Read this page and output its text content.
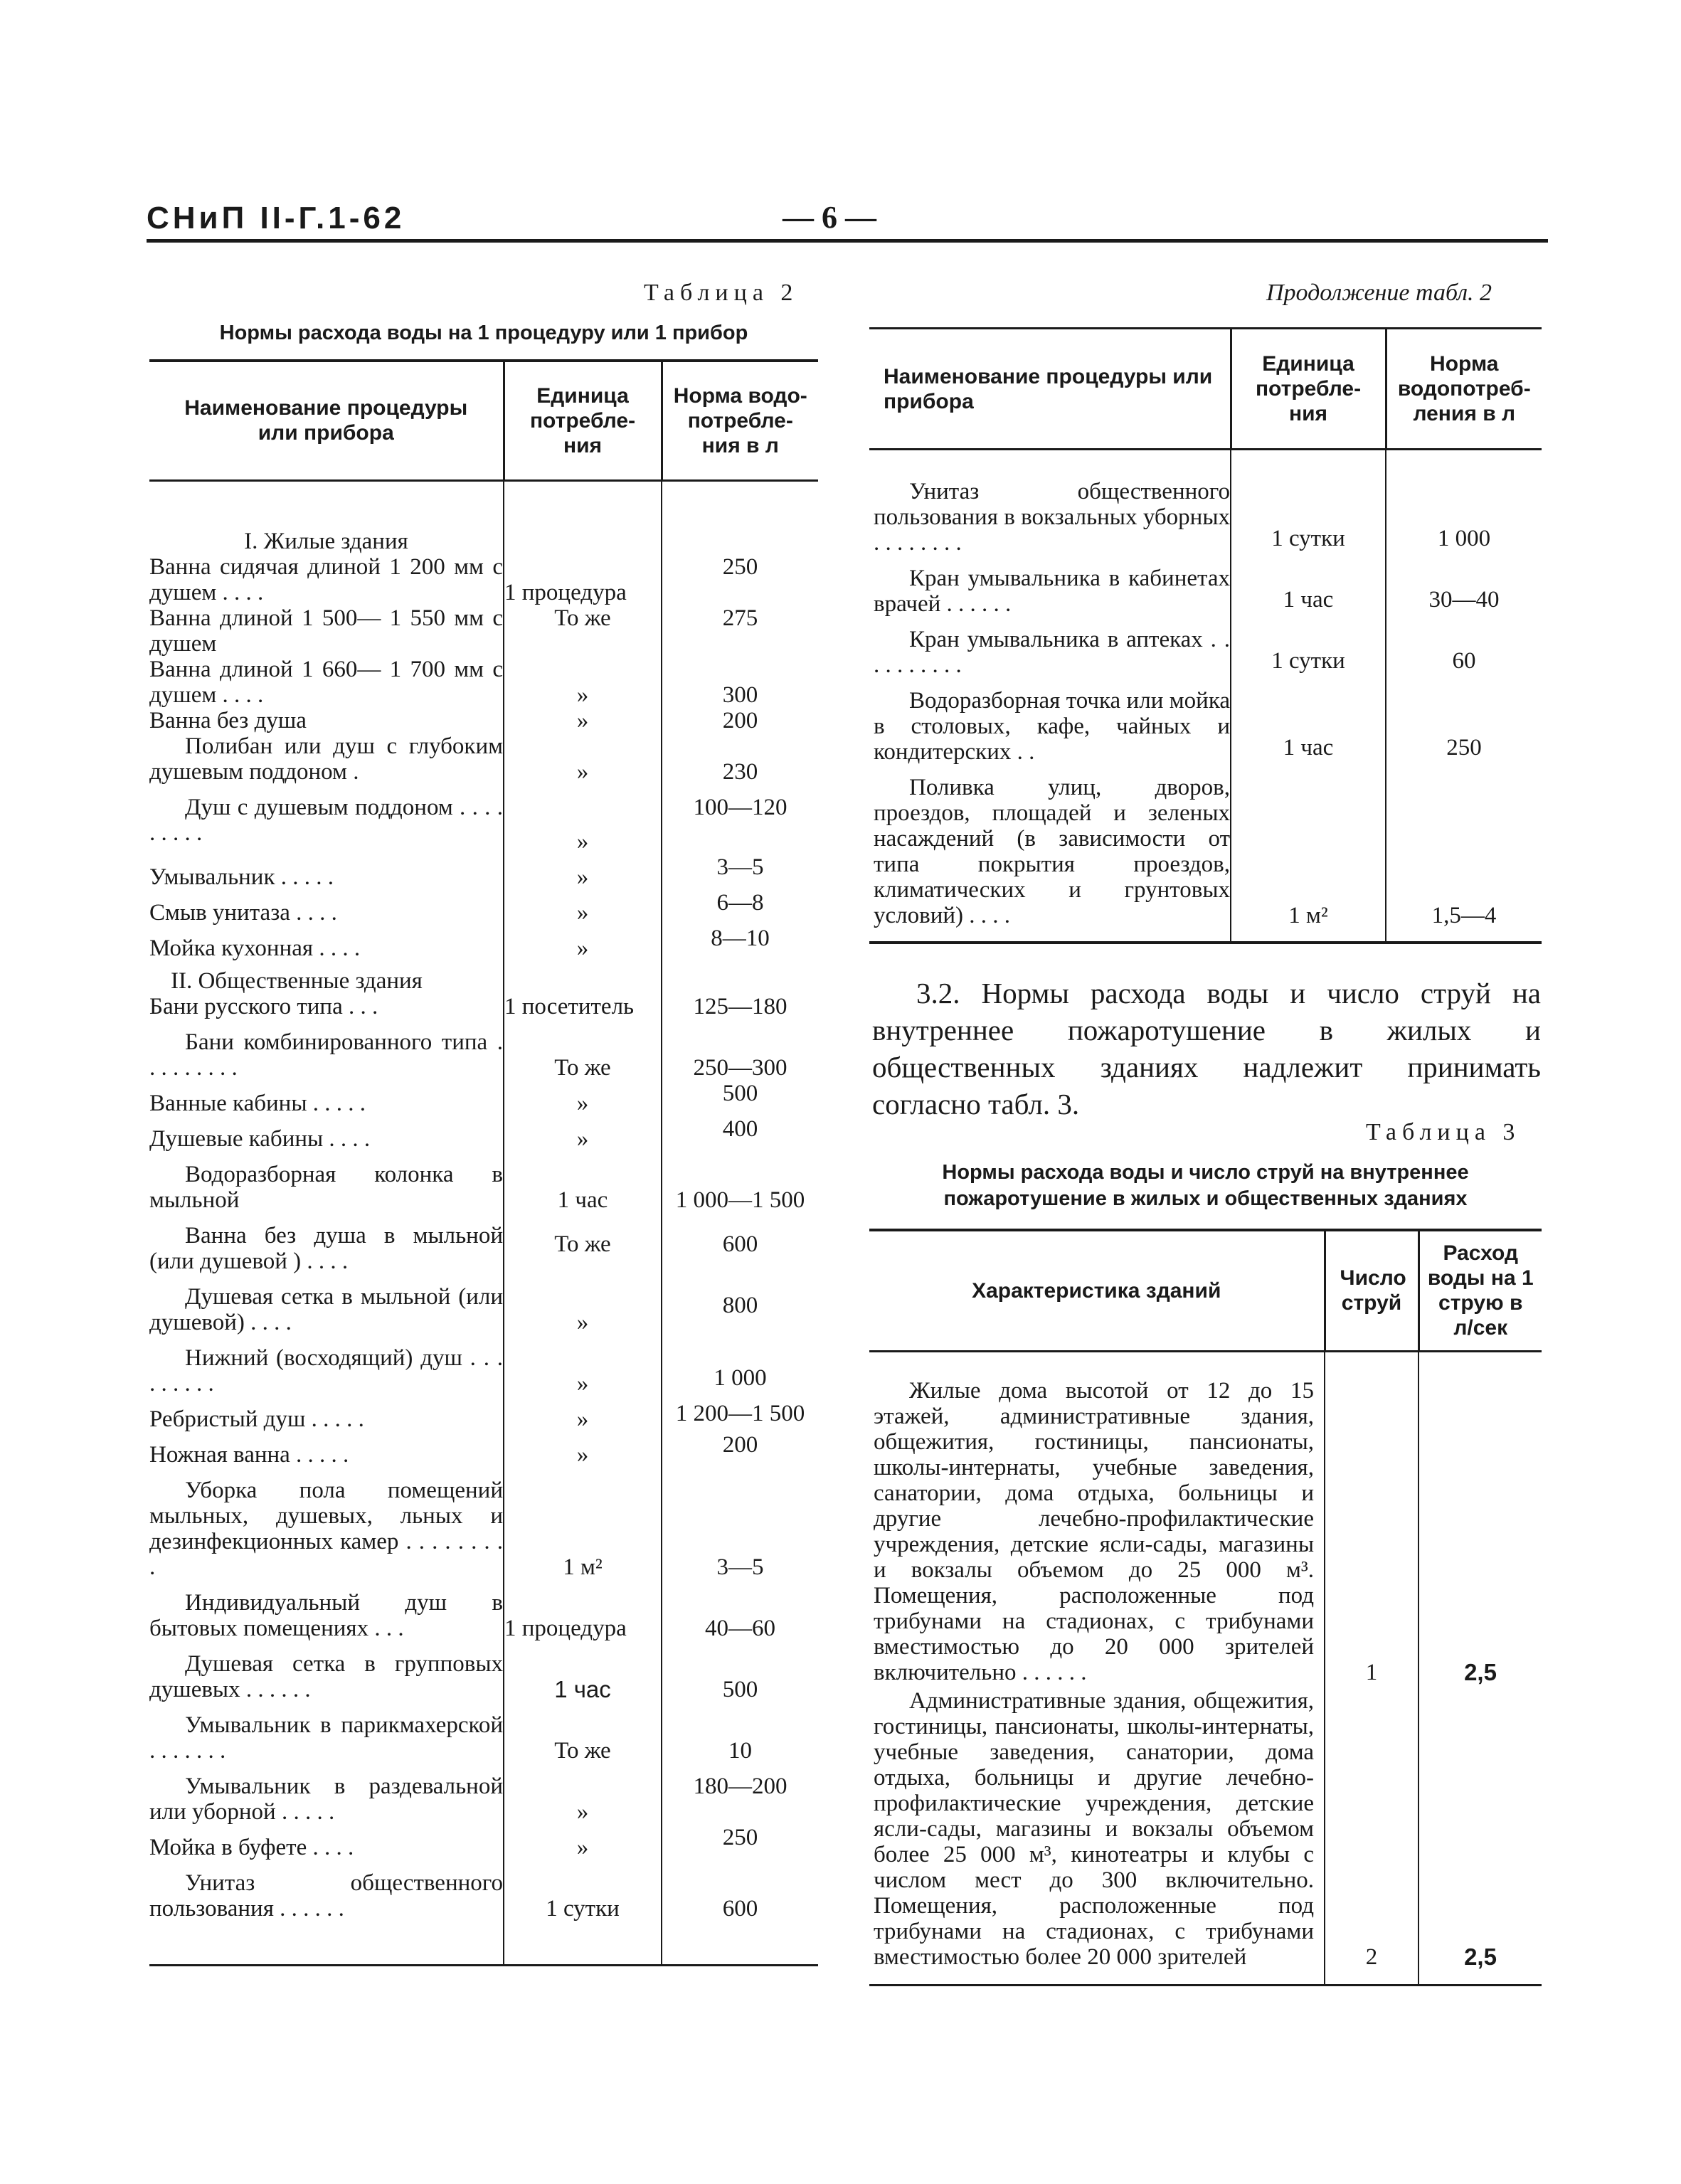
СНиП II-Г.1-62	— 6 —
Таблица 2
Нормы расхода воды на 1 процедуру или 1 прибор
Наименование процедуры или прибора	Единица потребле- ния	Норма водо- потребле- ния в л

I. Жилые здания		

Ванна сидячая длиной 1 200 мм с душем . . . .	1 процедура	250
Ванна длиной 1 500— 1 550 мм с душем	То же	275
Ванна длиной 1 660— 1 700 мм с душем . . . .	»	300
Ванна без душа	»	200
Полибан или душ с глубоким душевым поддоном .	»	230
Душ с душевым поддоном . . . . . . . . .	»	100—120
Умывальник . . . . .	»	3—5
Смыв унитаза . . . .	»	6—8
Мойка кухонная . . . .	»	8—10

II. Общественные здания		

Бани русского типа . . .	1 посетитель	125—180
Бани комбинированного типа . . . . . . . . .	То же	250—300
Ванные кабины . . . . .	»	500
Душевые кабины . . . .	»	400
Водоразборная колонка в мыльной	1 час	1 000—1 500
Ванна без душа в мыльной (или душевой ) . . . .	То же	600
Душевая сетка в мыльной (или душевой) . . . .	»	800
Нижний (восходящий) душ . . . . . . . . .	»	1 000
Ребристый душ . . . . .	»	1 200—1 500
Ножная ванна . . . . .	»	200
Уборка пола помещений мыльных, душевых, льных и дезинфекционных камер . . . . . . . . .	1 м²	3—5
Индивидуальный душ в бытовых помещениях . . .	1 процедура	40—60
Душевая сетка в групповых душевых . . . . . .	1 час	500
Умывальник в парикмахерской . . . . . . .	То же	10
Умывальник в раздевальной или уборной . . . . .	»	180—200
Мойка в буфете . . . .	»	250
Унитаз общественного пользования . . . . . .	1 сутки	600
Продолжение табл. 2
Наименование процедуры или прибора	Единица потребле- ния	Норма водопотреб- ления в л
Унитаз общественного пользования в вокзальных уборных . . . . . . . .	1 сутки	1 000
Кран умывальника в кабинетах врачей . . . . . .	1 час	30—40
Кран умывальника в аптеках . . . . . . . . . .	1 сутки	60
Водоразборная точка или мойка в столовых, кафе, чайных и кондитерских . .	1 час	250
Поливка улиц, дворов, проездов, площадей и зеленых насаждений (в зависимости от типа покрытия проездов, климатических и грунтовых условий) . . . .	1 м²	1,5—4
3.2. Нормы расхода воды и число струй на внутреннее пожаротушение в жилых и общественных зданиях надлежит принимать согласно табл. 3.
Таблица 3
Нормы расхода воды и число струй на внутреннее пожаротушение в жилых и общественных зданиях
Характеристика зданий	Число струй	Расход воды на 1 струю в л/сек
Жилые дома высотой от 12 до 15 этажей, административные здания, общежития, гостиницы, пансионаты, школы-интернаты, учебные заведения, санатории, дома отдыха, больницы и другие лечебно-профилактические учреждения, детские ясли-сады, магазины и вокзалы объемом до 25 000 м³. Помещения, расположенные под трибунами на стадионах, с трибунами вместимостью до 20 000 зрителей включительно . . . . . .	1	2,5
Административные здания, общежития, гостиницы, пансионаты, школы-интернаты, учебные заведения, санатории, дома отдыха, больницы и другие лечебно-профилактические учреждения, детские ясли-сады, магазины и вокзалы объемом более 25 000 м³, кинотеатры и клубы с числом мест до 300 включительно. Помещения, расположенные под трибунами на стадионах, с трибунами вместимостью более 20 000 зрителей	2	2,5
